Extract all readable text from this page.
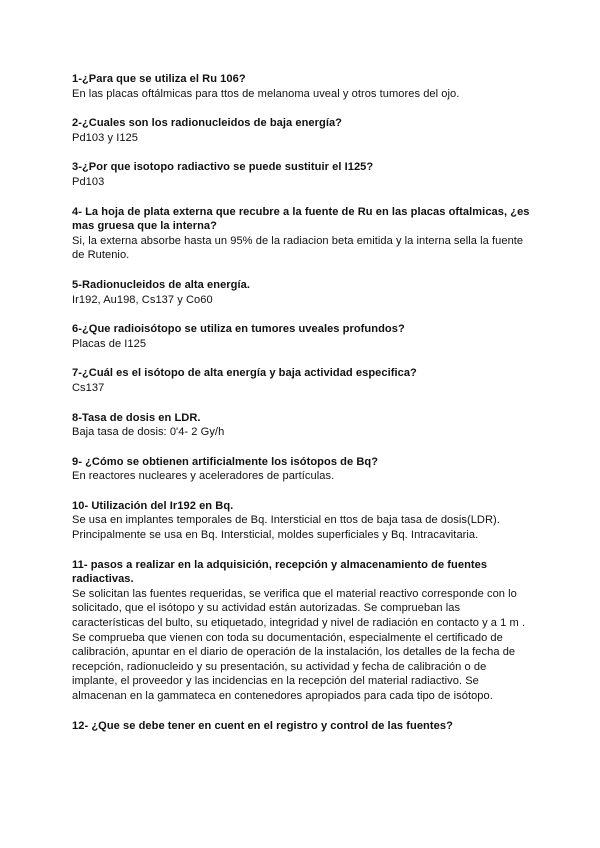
1-¿Para que se utiliza el Ru 106?

En las placas oftálmicas para ttos de melanoma uveal y otros tumores del ojo.

2-¿Cuales son los radionucleidos de baja energía?

Pd103 y I125

3-¿Por que isotopo radiactivo se puede sustituir el I125?

Pd103

4- La hoja de plata externa que recubre a la fuente de Ru en las placas oftalmicas, ¿es mas gruesa que la interna?

Si, la externa absorbe hasta un 95% de la radiacion beta emitida y la interna sella la fuente de Rutenio.

5-Radionucleidos de alta energía.

Ir192, Au198, Cs137 y Co60

6-¿Que radioisótopo se utiliza en tumores uveales profundos?

Placas de I125

7-¿Cuál es el isótopo de alta energía y baja actividad especifica?

Cs137

8-Tasa de dosis en LDR.

Baja tasa de dosis: 0'4- 2 Gy/h

9- ¿Cómo se obtienen artificialmente los isótopos de Bq?

En reactores nucleares y aceleradores de partículas.

10- Utilización del Ir192 en Bq.

Se usa en implantes temporales de Bq. Intersticial en ttos de baja tasa de dosis(LDR). Principalmente se usa en Bq. Intersticial, moldes superficiales y Bq. Intracavitaria.

11- pasos a realizar en la adquisición, recepción y almacenamiento de fuentes radiactivas.

Se solicitan las fuentes requeridas, se verifica que el material reactivo corresponde con lo solicitado, que el isótopo y su actividad están autorizadas. Se comprueban las características del bulto, su etiquetado, integridad y nivel de radiación en contacto y a 1 m . Se comprueba que vienen con toda su documentación, especialmente el certificado de calibración, apuntar en el diario de operación de la instalación, los detalles de la fecha de recepción, radionucleido y su presentación, su actividad y fecha de calibración o de implante, el proveedor y las incidencias en la recepción del material radiactivo. Se almacenan en la gammateca en contenedores apropiados para cada tipo de isótopo.

12- ¿Que se debe tener en cuent en el registro y control de las fuentes?
